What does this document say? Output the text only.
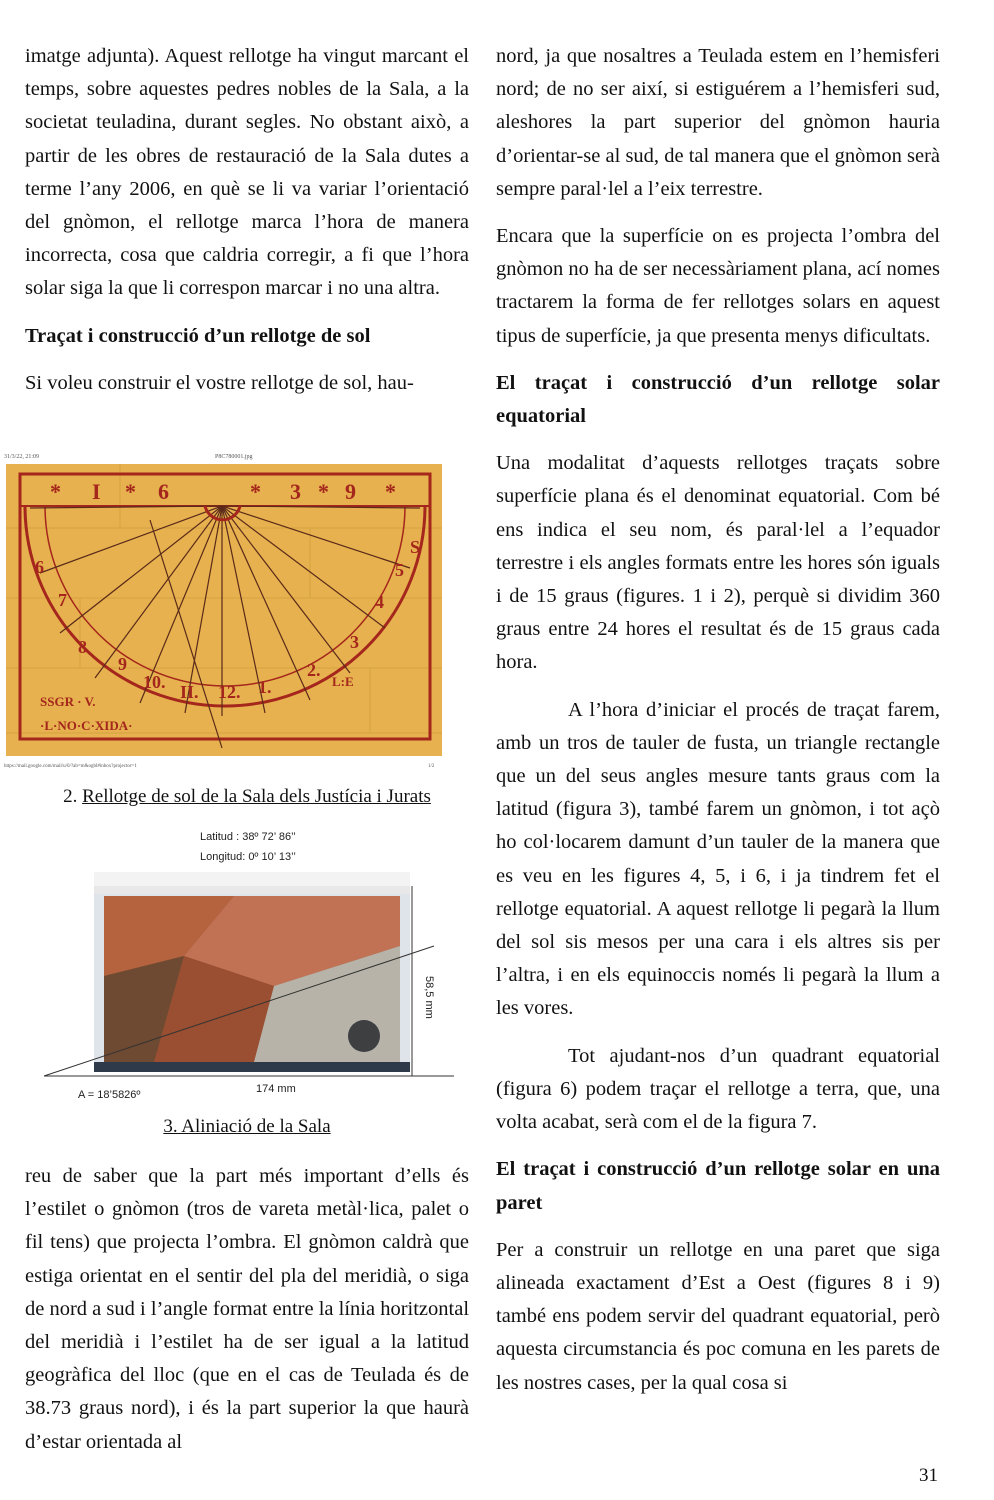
imatge adjunta). Aquest rellotge ha vingut marcant el temps, sobre aquestes pedres nobles de la Sala, a la societat teuladina, durant segles. No obstant això, a partir de les obres de restauració de la Sala dutes a terme l’any 2006, en què se li va variar l’orientació del gnòmon, el rellotge marca l’hora de manera incorrecta, cosa que caldria corregir, a fi que l’hora solar siga la que li correspon marcar i no una altra.

Traçat i construcció d’un rellotge de sol

Si voleu construir el vostre rellotge de sol, hau-

31/3/22, 21:09	P8C780001.jpg
* I * 6	* 3 * 9 *
S
6
7
8
9
10. II. 12. 1.
2.
3
4
5
SSGR · V.
·L·NO·C·XIDA·
L:E
https://mail.google.com/mail/u/0/?ab=m&ogbl#inbox?projector=1	1/2
2. Rellotge de sol de la Sala dels Justícia i Jurats
Latitud : 38º 72’ 86’’
Longitud: 0º 10’ 13’’
58,5 mm
A = 18’5826º	174 mm
3. Aliniació de la Sala

reu de saber que la part més important d’ells és l’estilet o gnòmon (tros de vareta metàl·lica, palet o fil tens) que projecta l’ombra. El gnòmon caldrà que estiga orientat en el sentir del pla del meridià, o siga de nord a sud i l’angle format entre la línia horitzontal del meridià i l’estilet ha de ser igual a la latitud geogràfica del lloc (que en el cas de Teulada és de 38.73 graus nord), i és la part superior la que haurà d’estar orientada al

nord, ja que nosaltres a Teulada estem en l’hemisferi nord; de no ser així, si estiguérem a l’hemisferi sud, aleshores la part superior del gnòmon hauria d’orientar-se al sud, de tal manera que el gnòmon serà sempre paral·lel a l’eix terrestre.

Encara que la superfície on es projecta l’ombra del gnòmon no ha de ser necessàriament plana, ací nomes tractarem la forma de fer rellotges solars en aquest tipus de superfície, ja que presenta menys dificultats.

El traçat i construcció d’un rellotge solar equatorial

Una modalitat d’aquests rellotges traçats sobre superfície plana és el denominat equatorial. Com bé ens indica el seu nom, és paral·lel a l’equador terrestre i els angles formats entre les hores són iguals i de 15 graus (figures. 1 i 2), perquè si dividim 360 graus entre 24 hores el resultat és de 15 graus cada hora.

A l’hora d’iniciar el procés de traçat farem, amb un tros de tauler de fusta, un triangle rectangle que un del seus angles mesure tants graus com la latitud (figura 3), també farem un gnòmon, i tot açò ho col·locarem damunt d’un tauler de la manera que es veu en les figures 4, 5, i 6, i ja tindrem fet el rellotge equatorial. A aquest rellotge li pegarà la llum del sol sis mesos per una cara i els altres sis per l’altra, i en els equinoccis només li pegarà la llum a les vores.

Tot ajudant-nos d’un quadrant equatorial (figura 6) podem traçar el rellotge a terra, que, una volta acabat, serà com el de la figura 7.

El traçat i construcció d’un rellotge solar en una paret

Per a construir un rellotge en una paret que siga alineada exactament d’Est a Oest (figures 8 i 9) també ens podem servir del quadrant equatorial, però aquesta circumstancia és poc comuna en les parets de les nostres cases, per la qual cosa si

31
